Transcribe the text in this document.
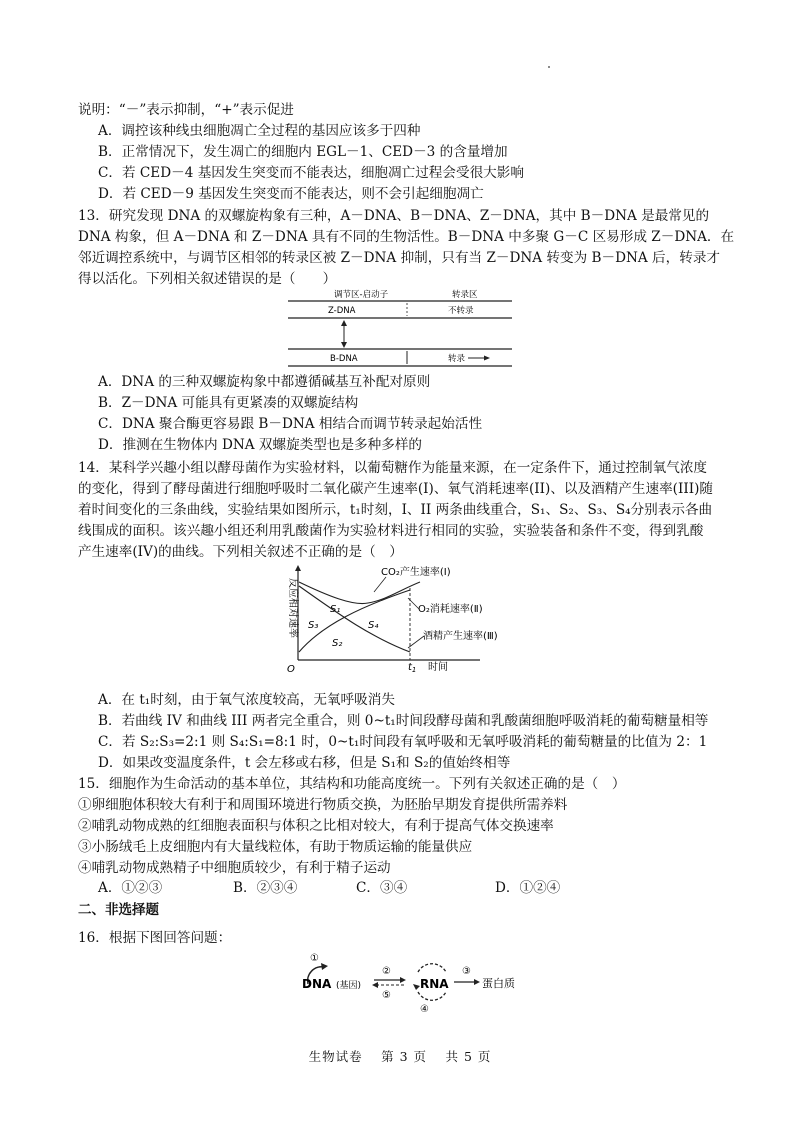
说明：“－”表示抑制，“+”表示促进
A．调控该种线虫细胞凋亡全过程的基因应该多于四种
B．正常情况下，发生凋亡的细胞内 EGL－1、CED－3 的含量增加
C．若 CED－4 基因发生突变而不能表达，细胞凋亡过程会受很大影响
D．若 CED－9 基因发生突变而不能表达，则不会引起细胞凋亡
13．研究发现 DNA 的双螺旋构象有三种，A－DNA、B－DNA、Z－DNA，其中 B－DNA 是最常见的
DNA 构象，但 A－DNA 和 Z－DNA 具有不同的生物活性。B－DNA 中多聚 G－C 区易形成 Z－DNA．在
邻近调控系统中，与调节区相邻的转录区被 Z－DNA 抑制，只有当 Z－DNA 转变为 B－DNA 后，转录才
得以活化。下列相关叙述错误的是（　　）
调节区-启动子	转录区
Z-DNA	不转录
B-DNA	转录
A．DNA 的三种双螺旋构象中都遵循碱基互补配对原则
B．Z－DNA 可能具有更紧凑的双螺旋结构
C．DNA 聚合酶更容易跟 B－DNA 相结合而调节转录起始活性
D．推测在生物体内 DNA 双螺旋类型也是多种多样的
14．某科学兴趣小组以酵母菌作为实验材料，以葡萄糖作为能量来源，在一定条件下，通过控制氧气浓度
的变化，得到了酵母菌进行细胞呼吸时二氧化碳产生速率(I)、氧气消耗速率(II)、以及酒精产生速率(III)随
着时间变化的三条曲线，实验结果如图所示，t₁时刻，I、II 两条曲线重合，S₁、S₂、S₃、S₄分别表示各曲
线围成的面积。该兴趣小组还利用乳酸菌作为实验材料进行相同的实验，实验装备和条件不变，得到乳酸
产生速率(IV)的曲线。下列相关叙述不正确的是（　）
反应相对速率
O	$t_1$ 时间
CO₂产生速率(Ⅰ)
O₂消耗速率(Ⅱ)
酒精产生速率(Ⅲ)
S₁
S₃	S₄
S₂
A．在 t₁时刻，由于氧气浓度较高，无氧呼吸消失
B．若曲线 IV 和曲线 III 两者完全重合，则 0~t₁时间段酵母菌和乳酸菌细胞呼吸消耗的葡萄糖量相等
C．若 S₂:S₃=2:1 则 S₄:S₁=8:1 时，0~t₁时间段有氧呼吸和无氧呼吸消耗的葡萄糖量的比值为 2：1
D．如果改变温度条件，t 会左移或右移，但是 S₁和 S₂的值始终相等
15．细胞作为生命活动的基本单位，其结构和功能高度统一。下列有关叙述正确的是（　）
①卵细胞体积较大有利于和周围环境进行物质交换，为胚胎早期发育提供所需养料
②哺乳动物成熟的红细胞表面积与体积之比相对较大，有利于提高气体交换速率
③小肠绒毛上皮细胞内有大量线粒体，有助于物质运输的能量供应
④哺乳动物成熟精子中细胞质较少，有利于精子运动
A．①②③	B．②③④	C．③④	D．①②④
二、非选择题
16．根据下图回答问题：
①
DNA (基因)
②
⑤
RNA
④
③
蛋白质
生物试卷　 第 3 页　 共 5 页
